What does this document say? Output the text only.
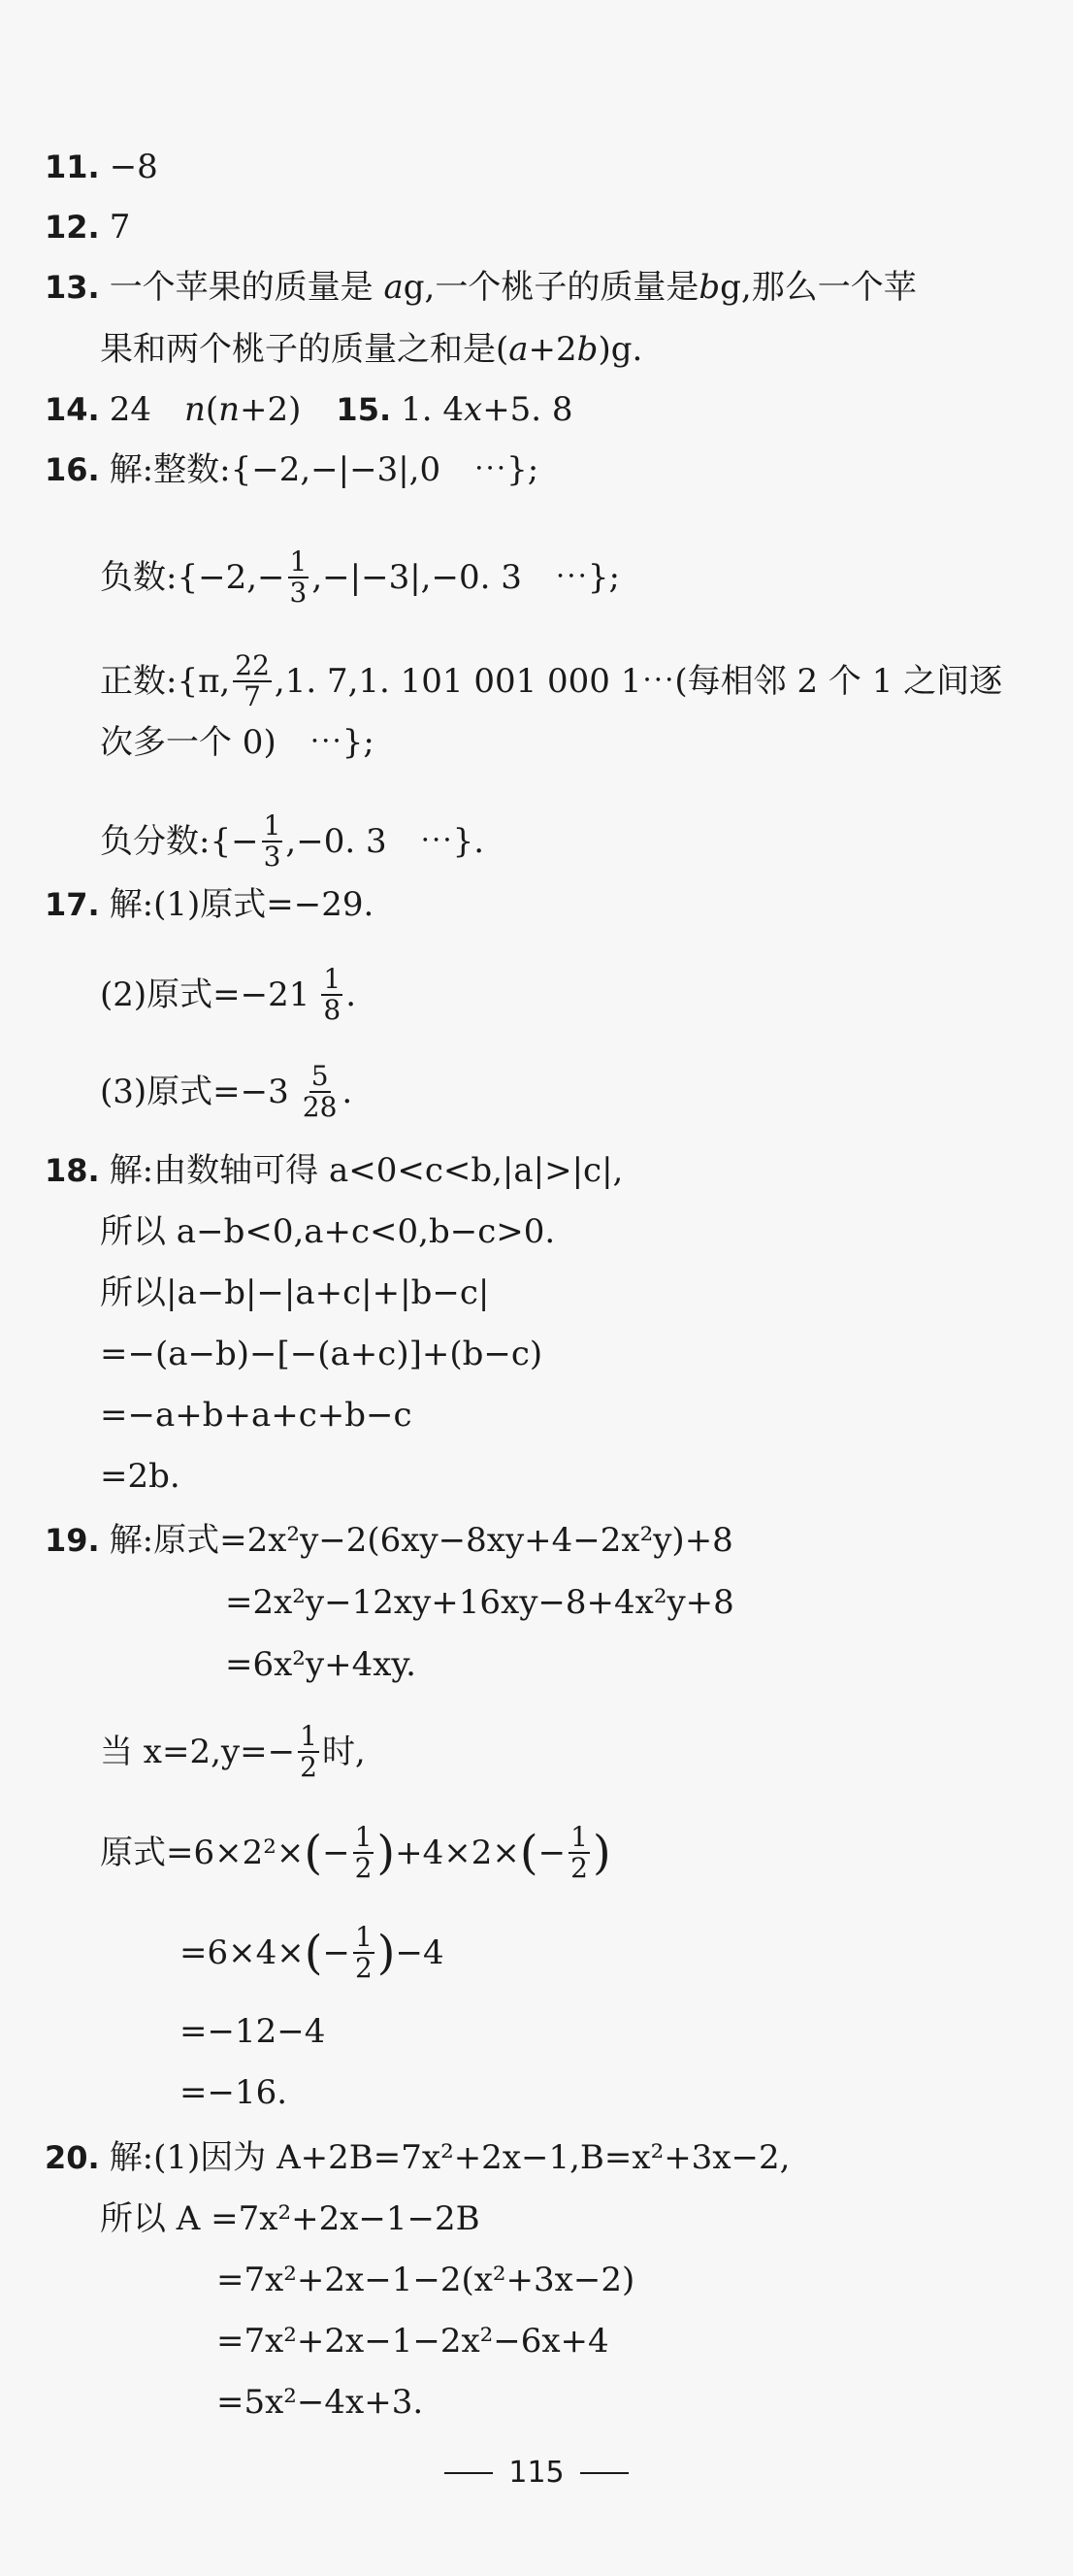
11 . −8
12 . 7
13 . 一个苹果的质量是
a g,一个桃子的质量是 b g,那么一个苹
果和两个桃子的质量之和是( a +2 b )g.
14 . 24　 n ( n +2) 15 . 1. 4 x +5. 8
16 . 解:整数:{−2,−|−3|,0　⋯};
负数:{−2,− $\frac{1}{3} ,-|-3|,-0$. 3　⋯};
正数:{π, $\frac{22}{7} ,1$. 7,1. 101 001 000 1⋯(每相邻 2 个 1 之间逐
次多一个 0)　⋯};
负分数:{− $\frac{1}{3} ,-0$. 3　⋯}.
17 . 解:(1)原式=−29.
(2)原式$=-21 \frac{1}{8}$ .
(3)原式$=-3 \frac{5}{28}$ .
18 . 解:由数轴可得 a<0<c<b,|a|>|c|,
所以 a−b<0,a+c<0,b−c>0.
所以|a−b|−|a+c|+|b−c|
=−(a−b)−[−(a+c)]+(b−c)
=−a+b+a+c+b−c
=2b.
19 . 解:原式=2x²y−2(6xy−8xy+4−2x²y)+8
=2x²y−12xy+16xy−8+4x²y+8
=6x²y+4xy.
当 $x=2,y=- \frac{1}{2}$ 时,
原式=6×2²× ( − $\frac{1}{2}$ ) +4×2× ( − $\frac{1}{2}$ )
=6×4× ( − $\frac{1}{2}$ ) −4
=−12−4
=−16.
20 . 解:(1)因为 A+2B=7x²+2x−1,B=x²+3x−2,
所以 A =7x²+2x−1−2B
=7x²+2x−1−2(x²+3x−2)
=7x²+2x−1−2x²−6x+4
=5x²−4x+3.
115
